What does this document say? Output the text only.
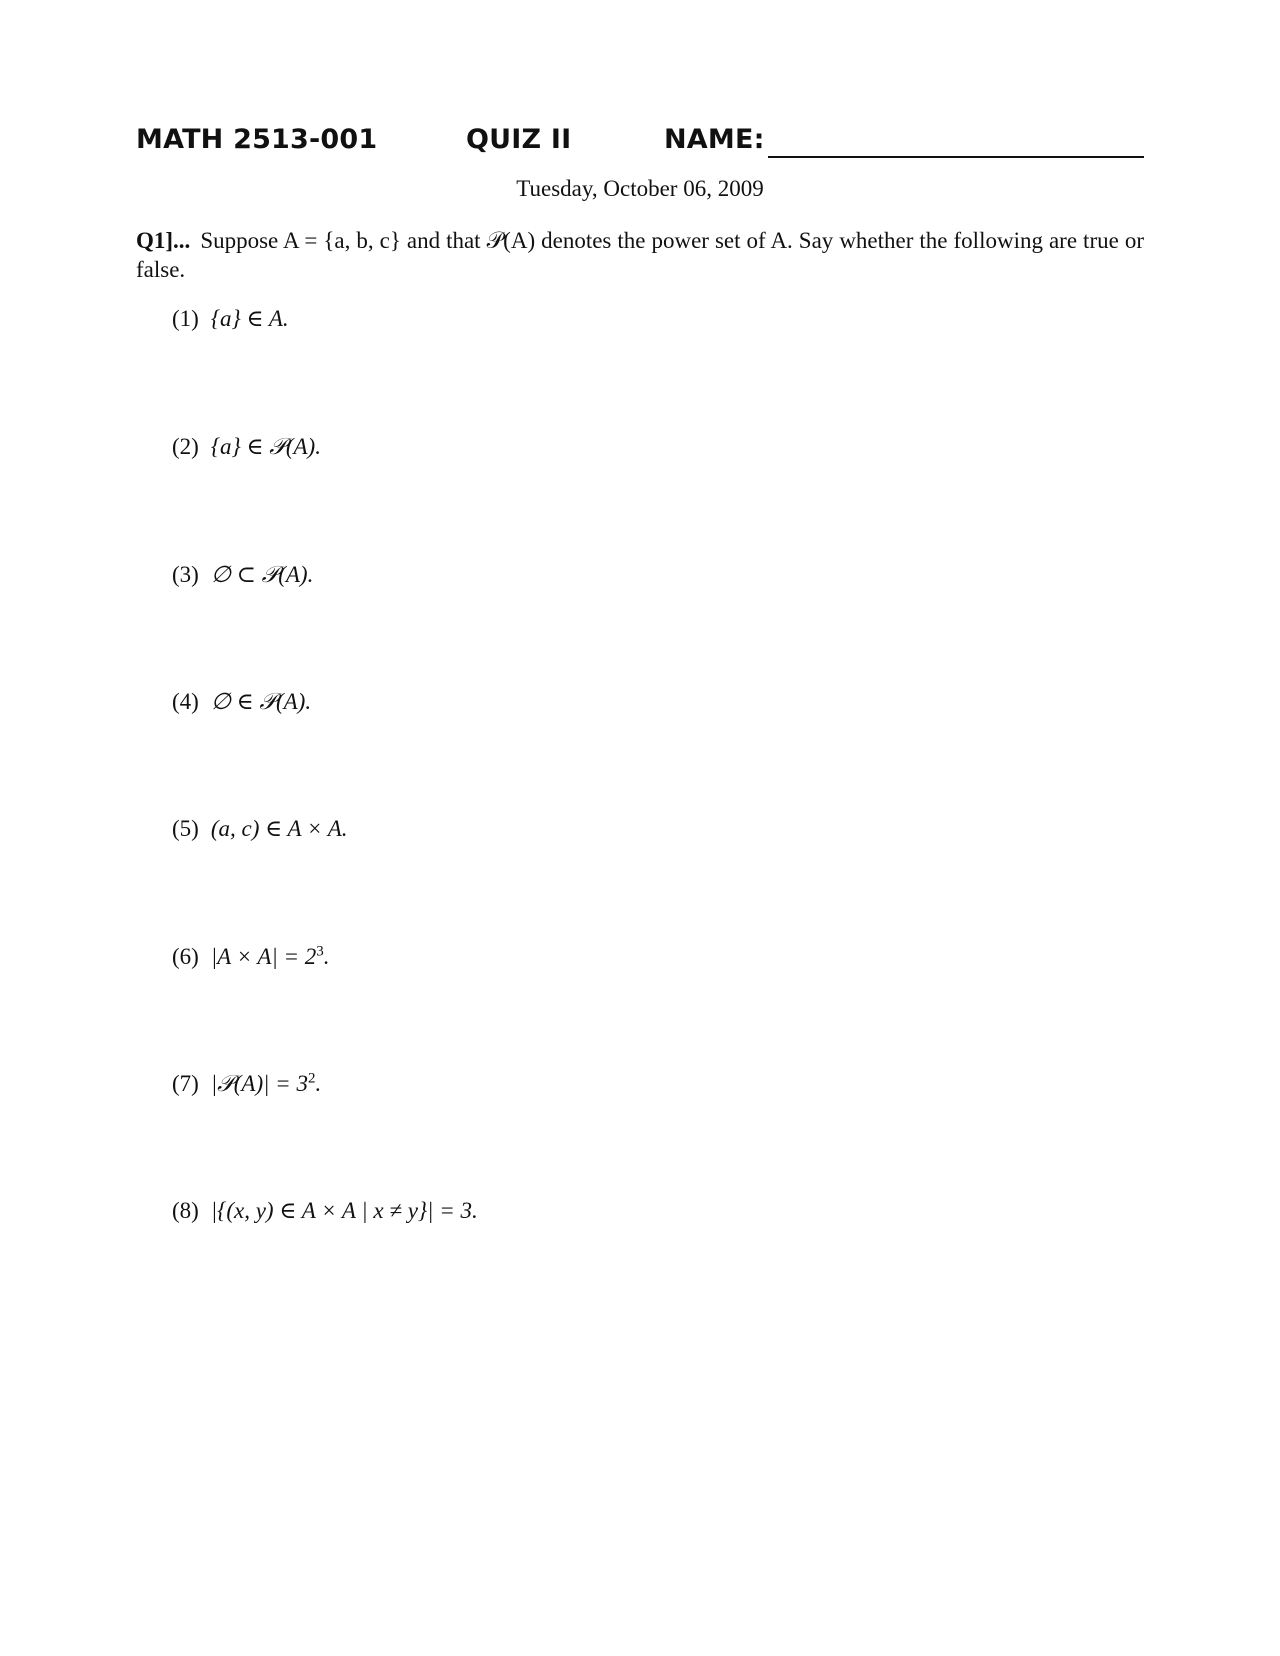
MATH 2513-001	QUIZ II	NAME:
Tuesday, October 06, 2009
Q1]... Suppose A = {a, b, c} and that 𝒫(A) denotes the power set of A. Say whether the following are true or false.
(1) {a} ∈ A.
(2) {a} ∈ 𝒫(A).
(3) ∅ ⊂ 𝒫(A).
(4) ∅ ∈ 𝒫(A).
(5) (a, c) ∈ A × A.
(6) $|A \times A| = 2^3$.
(7) |𝒫(A)| = $3^2$.
(8) |{(x, y) ∈ A × A | x ≠ y}| = 3.
